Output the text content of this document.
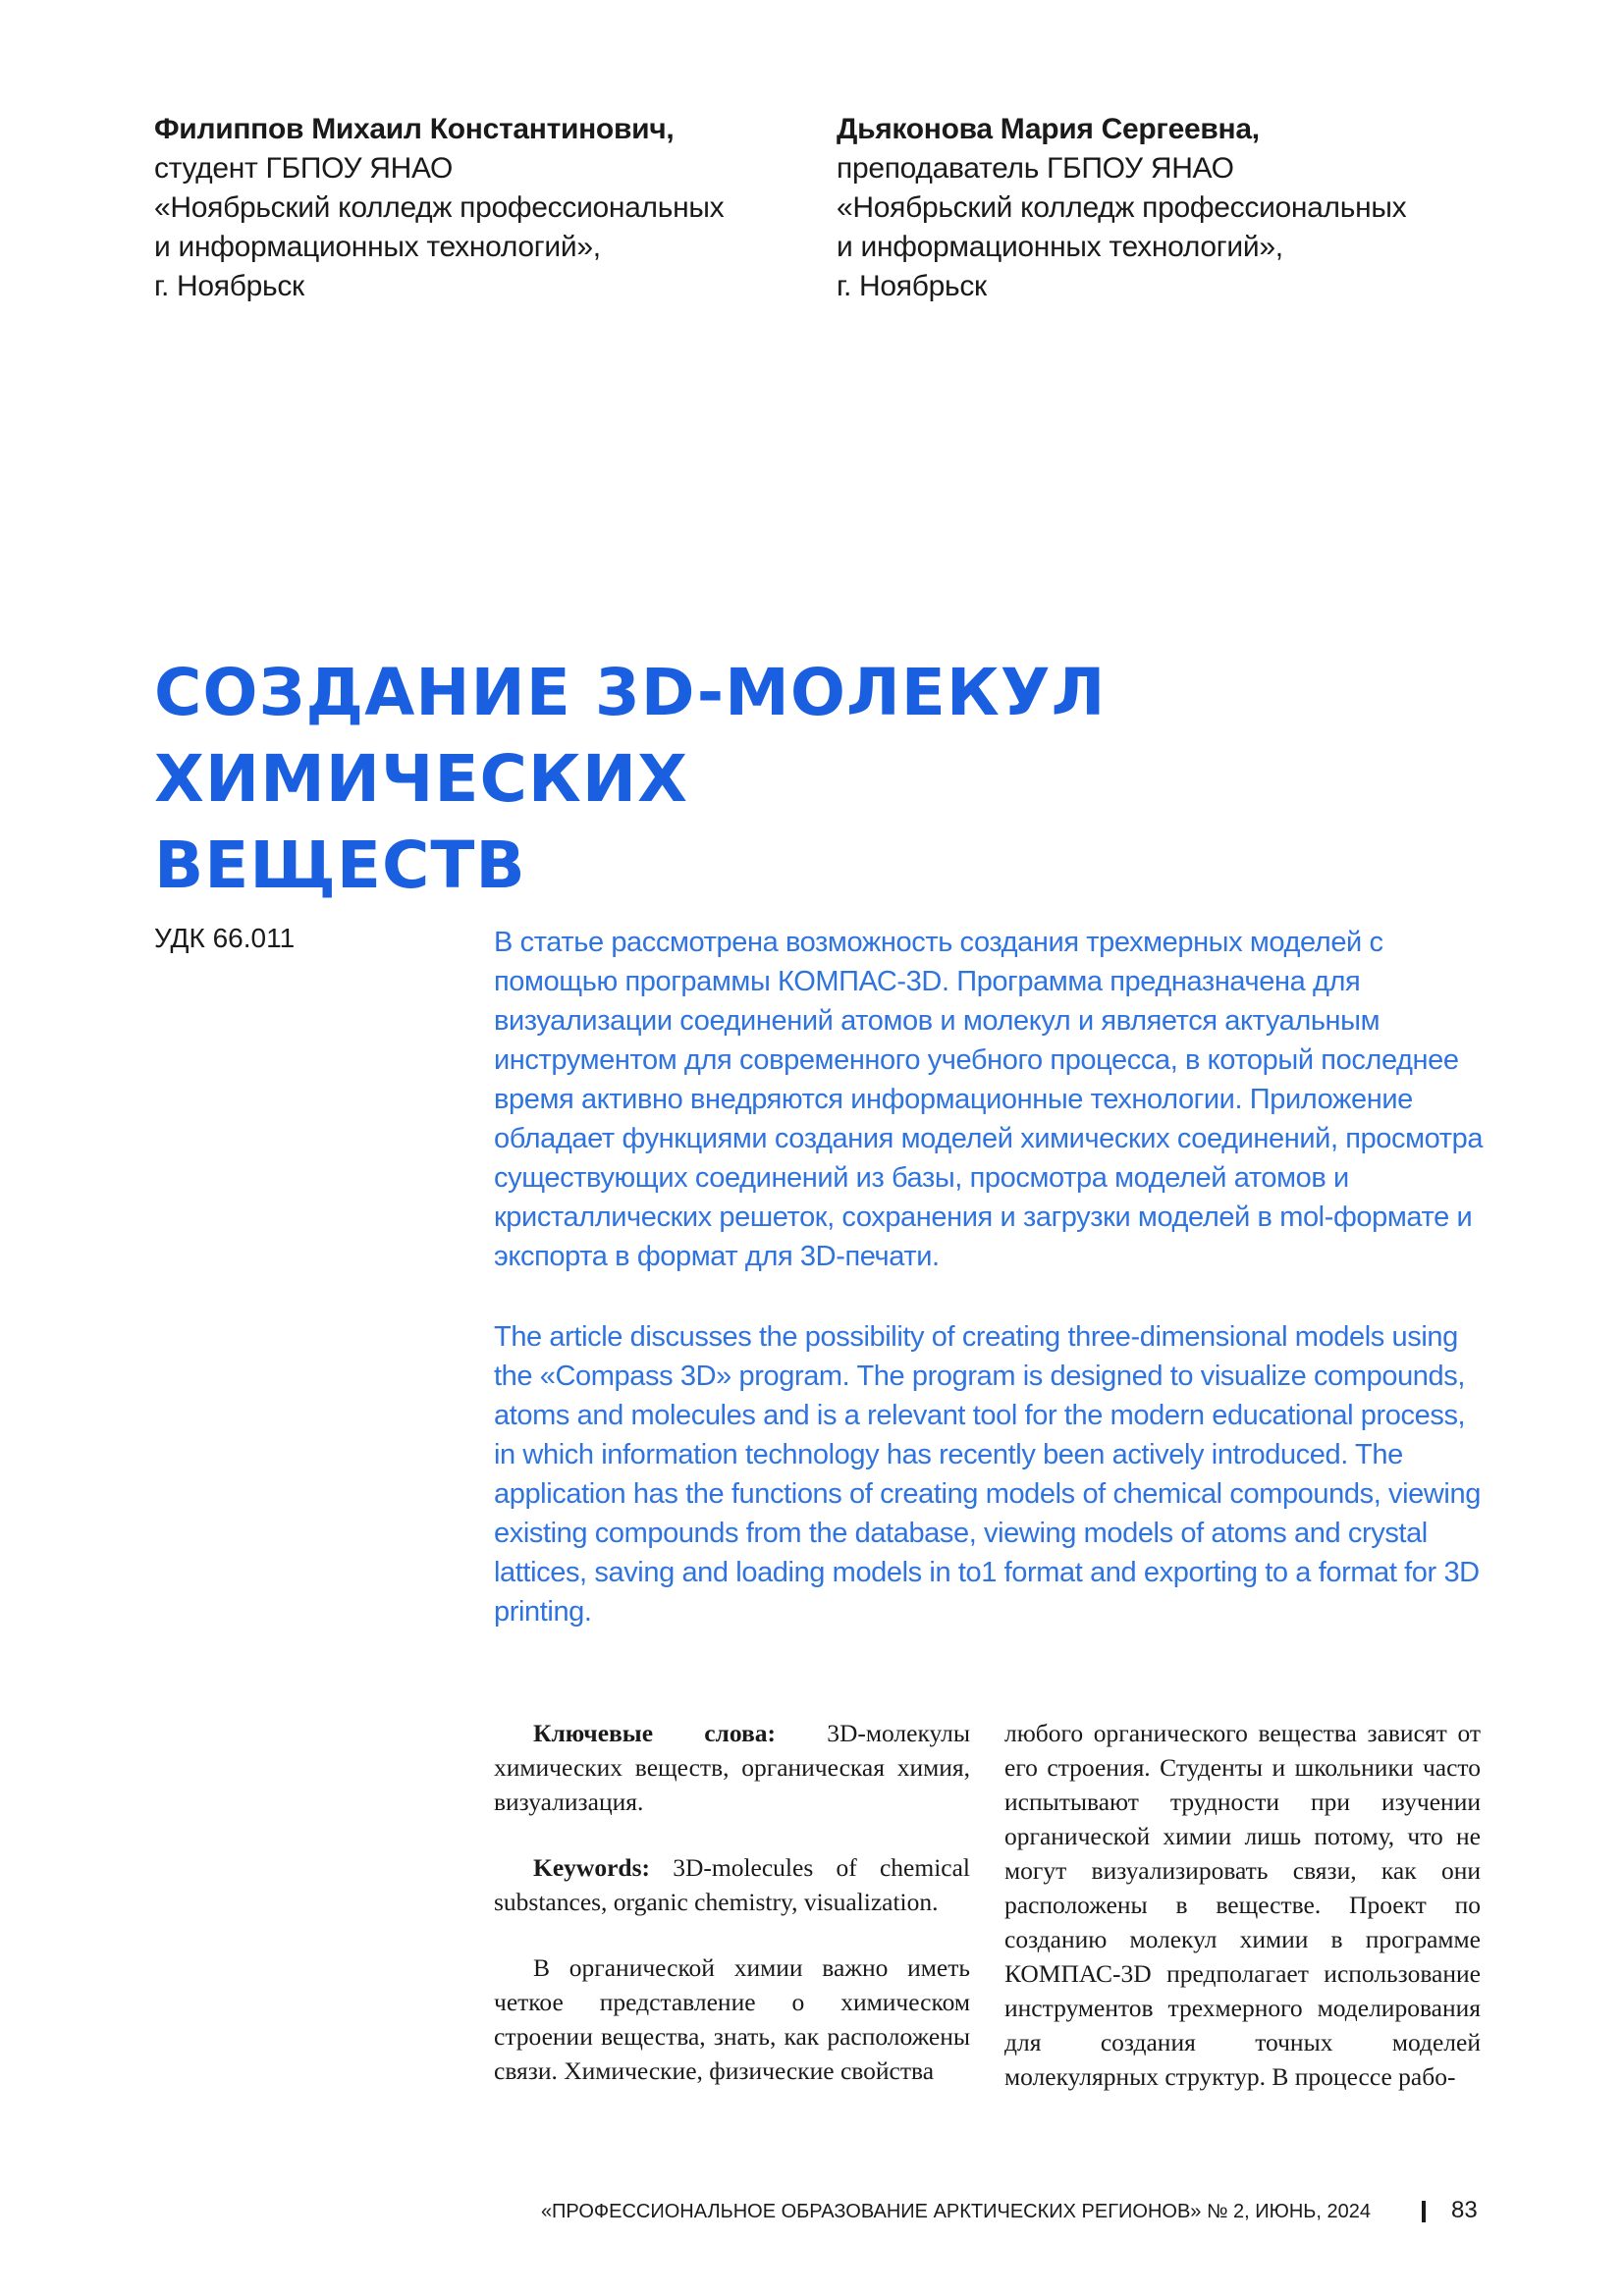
Филиппов Михаил Константинович,
студент ГБПОУ ЯНАО
«Ноябрьский колледж профессиональных
и информационных технологий»,
г. Ноябрьск
Дьяконова Мария Сергеевна,
преподаватель ГБПОУ ЯНАО
«Ноябрьский колледж профессиональных
и информационных технологий»,
г. Ноябрьск
СОЗДАНИЕ 3D-МОЛЕКУЛ ХИМИЧЕСКИХ
ВЕЩЕСТВ
УДК 66.011	В статье рассмотрена возможность создания трехмерных моделей с помощью программы КОМПАС-3D. Программа предназначена для визуализации соединений атомов и молекул и является актуальным инструментом для современного учебного процесса, в который последнее время активно внедряются информационные технологии. Приложение обладает функциями создания моделей химических соединений, просмотра существующих соединений из базы, просмотра моделей атомов и кристаллических решеток, сохранения и загрузки моделей в mol-формате и экспорта в формат для 3D-печати.

The article discusses the possibility of creating three-dimensional models using the «Compass 3D» program. The program is designed to visualize compounds, atoms and molecules and is a relevant tool for the modern educational process, in which information technology has recently been actively introduced. The application has the functions of creating models of chemical compounds, viewing existing compounds from the database, viewing models of atoms and crystal lattices, saving and loading models in to1 format and exporting to a format for 3D printing.

Ключевые слова: 3D-молекулы химических веществ, органическая химия, визуализация.

Keywords: 3D-molecules of chemical substances, organic chemistry, visualization.

В органической химии важно иметь четкое представление о химическом строении вещества, знать, как расположены связи. Химические, физические свойства

любого органического вещества зависят от его строения. Студенты и школьники часто испытывают трудности при изучении органической химии лишь потому, что не могут визуализировать связи, как они расположены в веществе. Проект по созданию молекул химии в программе КОМПАС-3D предполагает использование инструментов трехмерного моделирования для создания точных моделей молекулярных структур. В процессе рабо-

«ПРОФЕССИОНАЛЬНОЕ ОБРАЗОВАНИЕ АРКТИЧЕСКИХ РЕГИОНОВ» № 2, ИЮНЬ, 2024	83
